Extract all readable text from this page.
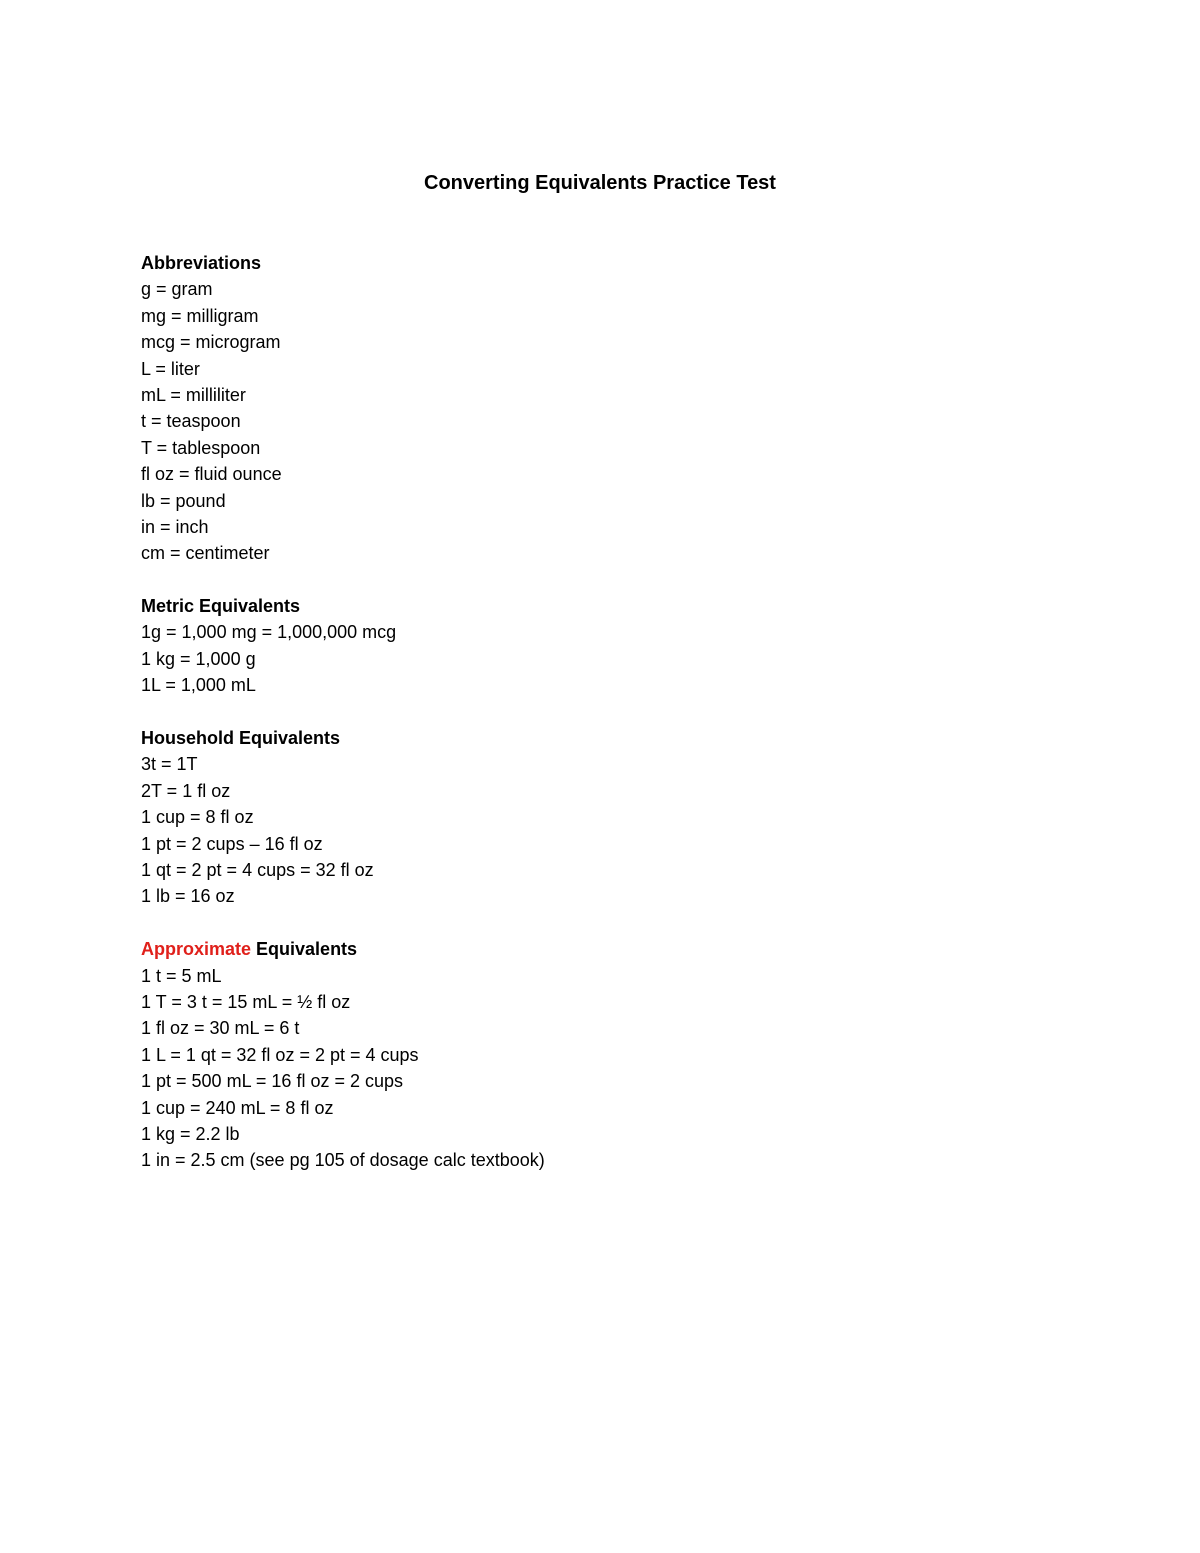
Converting Equivalents Practice Test
Abbreviations
g = gram
mg = milligram
mcg = microgram
L = liter
mL = milliliter
t = teaspoon
T = tablespoon
fl oz = fluid ounce
lb = pound
in = inch
cm = centimeter
Metric Equivalents
1g = 1,000 mg = 1,000,000 mcg
1 kg = 1,000 g
1L = 1,000 mL
Household Equivalents
3t = 1T
2T = 1 fl oz
1 cup = 8 fl oz
1 pt = 2 cups – 16 fl oz
1 qt = 2 pt = 4 cups = 32 fl oz
1 lb = 16 oz
Approximate Equivalents
1 t = 5 mL
1 T = 3 t = 15 mL = ½ fl oz
1 fl oz = 30 mL = 6 t
1 L = 1 qt = 32 fl oz = 2 pt = 4 cups
1 pt = 500 mL = 16 fl oz = 2 cups
1 cup = 240 mL = 8 fl oz
1 kg = 2.2 lb
1 in = 2.5 cm (see pg 105 of dosage calc textbook)
